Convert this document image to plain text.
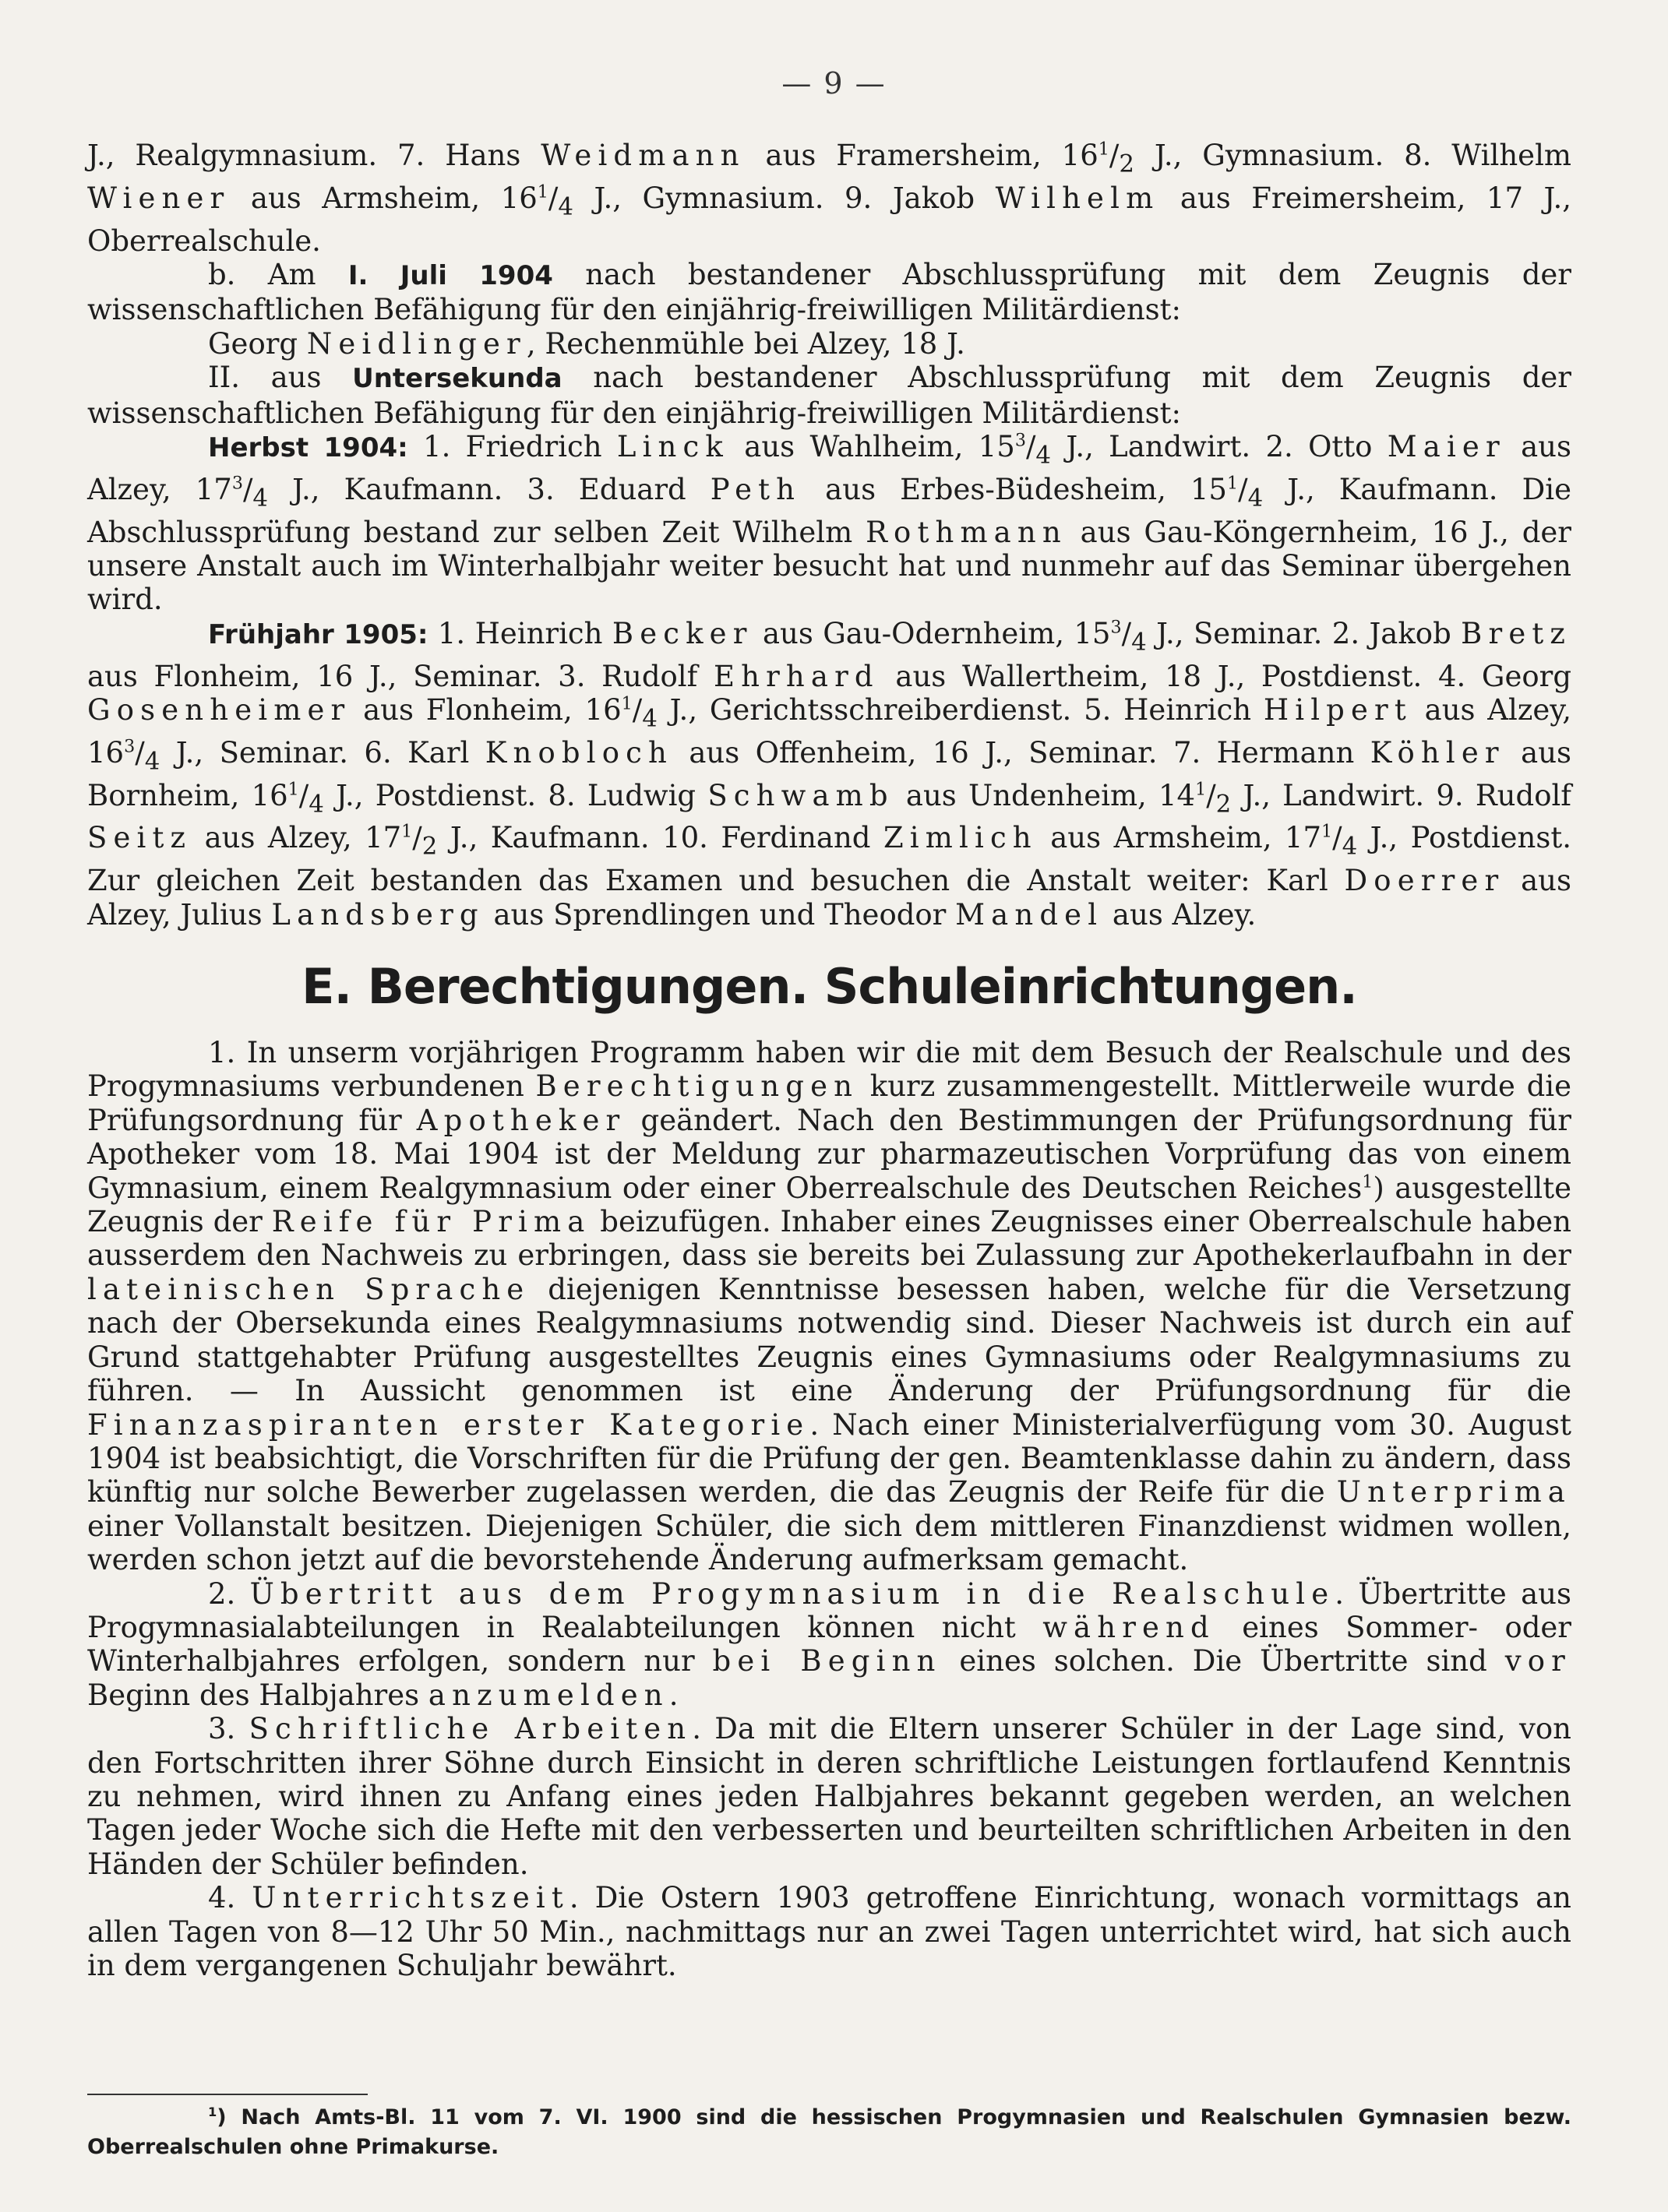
— 9 —

J., Realgymnasium. 7. Hans Weidmann aus Framersheim, $16^1/_2$ J., Gymnasium. 8. Wilhelm Wiener aus Armsheim, $16^1/_4$ J., Gymnasium. 9. Jakob Wilhelm aus Freimersheim, 17 J., Oberrealschule.

b. Am I. Juli 1904 nach bestandener Abschlussprüfung mit dem Zeugnis der wissenschaftlichen Befähigung für den einjährig-freiwilligen Militärdienst:

Georg Neidlinger, Rechenmühle bei Alzey, 18 J.

II. aus Untersekunda nach bestandener Abschlussprüfung mit dem Zeugnis der wissenschaftlichen Befähigung für den einjährig-freiwilligen Militärdienst:

Herbst 1904: 1. Friedrich Linck aus Wahlheim, $15^3/_4$ J., Landwirt. 2. Otto Maier aus Alzey, $17^3/_4$ J., Kaufmann. 3. Eduard Peth aus Erbes-Büdesheim, $15^1/_4$ J., Kaufmann. Die Abschlussprüfung bestand zur selben Zeit Wilhelm Rothmann aus Gau-Köngernheim, 16 J., der unsere Anstalt auch im Winterhalbjahr weiter besucht hat und nunmehr auf das Seminar übergehen wird.

Frühjahr 1905: 1. Heinrich Becker aus Gau-Odernheim, $15^3/_4$ J., Seminar. 2. Jakob Bretz aus Flonheim, 16 J., Seminar. 3. Rudolf Ehrhard aus Wallertheim, 18 J., Postdienst. 4. Georg Gosenheimer aus Flonheim, $16^1/_4$ J., Gerichtsschreiberdienst. 5. Heinrich Hilpert aus Alzey, $16^3/_4$ J., Seminar. 6. Karl Knobloch aus Offenheim, 16 J., Seminar. 7. Hermann Köhler aus Bornheim, $16^1/_4$ J., Postdienst. 8. Ludwig Schwamb aus Undenheim, $14^1/_2$ J., Landwirt. 9. Rudolf Seitz aus Alzey, $17^1/_2$ J., Kaufmann. 10. Ferdinand Zimlich aus Armsheim, $17^1/_4$ J., Postdienst. Zur gleichen Zeit bestanden das Examen und besuchen die Anstalt weiter: Karl Doerrer aus Alzey, Julius Landsberg aus Sprendlingen und Theodor Mandel aus Alzey.

E. Berechtigungen. Schuleinrichtungen.

1. In unserm vorjährigen Programm haben wir die mit dem Besuch der Realschule und des Progymnasiums verbundenen Berechtigungen kurz zusammengestellt. Mittlerweile wurde die Prüfungsordnung für Apotheker geändert. Nach den Bestimmungen der Prüfungsordnung für Apotheker vom 18. Mai 1904 ist der Meldung zur pharmazeutischen Vorprüfung das von einem Gymnasium, einem Realgymnasium oder einer Oberrealschule des Deutschen Reiches$^1$) ausgestellte Zeugnis der Reife für Prima beizufügen. Inhaber eines Zeugnisses einer Oberrealschule haben ausserdem den Nachweis zu erbringen, dass sie bereits bei Zulassung zur Apothekerlaufbahn in der lateinischen Sprache diejenigen Kenntnisse besessen haben, welche für die Versetzung nach der Obersekunda eines Realgymnasiums notwendig sind. Dieser Nachweis ist durch ein auf Grund stattgehabter Prüfung ausgestelltes Zeugnis eines Gymnasiums oder Realgymnasiums zu führen. — In Aussicht genommen ist eine Änderung der Prüfungsordnung für die Finanzaspiranten erster Kategorie. Nach einer Ministerialverfügung vom 30. August 1904 ist beabsichtigt, die Vorschriften für die Prüfung der gen. Beamtenklasse dahin zu ändern, dass künftig nur solche Bewerber zugelassen werden, die das Zeugnis der Reife für die Unterprima einer Vollanstalt besitzen. Diejenigen Schüler, die sich dem mittleren Finanzdienst widmen wollen, werden schon jetzt auf die bevorstehende Änderung aufmerksam gemacht.

2. Übertritt aus dem Progymnasium in die Realschule. Übertritte aus Progymnasialabteilungen in Realabteilungen können nicht während eines Sommer- oder Winterhalbjahres erfolgen, sondern nur bei Beginn eines solchen. Die Übertritte sind vor Beginn des Halbjahres anzumelden.

3. Schriftliche Arbeiten. Da mit die Eltern unserer Schüler in der Lage sind, von den Fortschritten ihrer Söhne durch Einsicht in deren schriftliche Leistungen fortlaufend Kenntnis zu nehmen, wird ihnen zu Anfang eines jeden Halbjahres bekannt gegeben werden, an welchen Tagen jeder Woche sich die Hefte mit den verbesserten und beurteilten schriftlichen Arbeiten in den Händen der Schüler befinden.

4. Unterrichtszeit. Die Ostern 1903 getroffene Einrichtung, wonach vormittags an allen Tagen von 8—12 Uhr 50 Min., nachmittags nur an zwei Tagen unterrichtet wird, hat sich auch in dem vergangenen Schuljahr bewährt.

$^1$) Nach Amts-Bl. 11 vom 7. VI. 1900 sind die hessischen Progymnasien und Realschulen Gymnasien bezw. Oberrealschulen ohne Primakurse.
